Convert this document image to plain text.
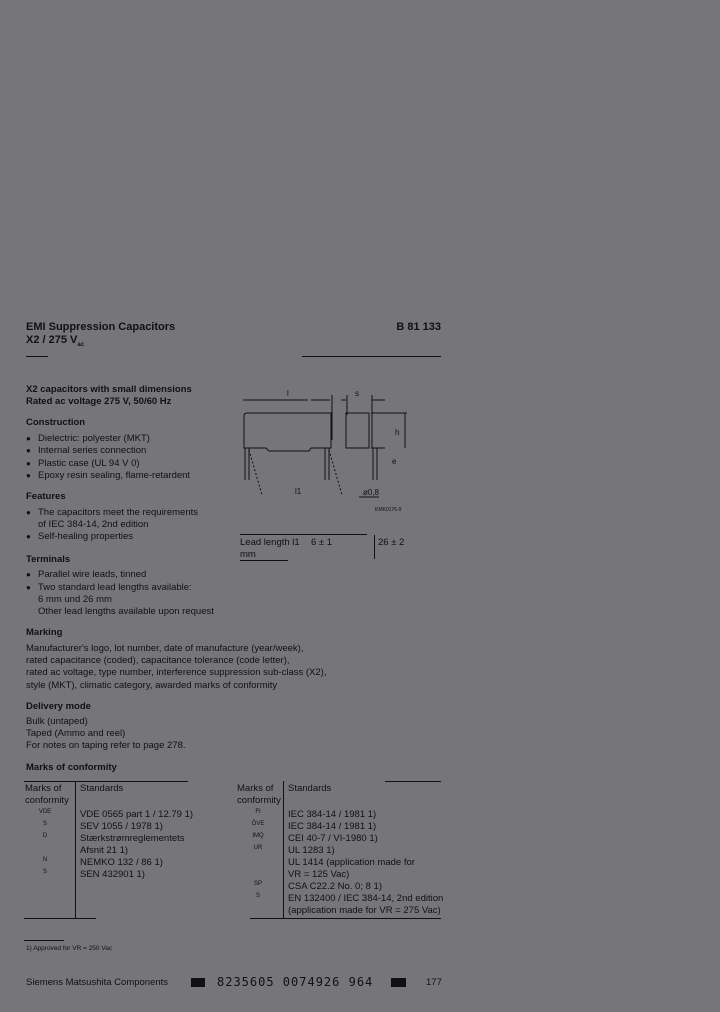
EMI Suppression Capacitors
X2 / 275 $V_{ac}$
B 81 133
X2 capacitors with small dimensions
Rated ac voltage 275 V, 50/60 Hz
Construction
● Dielectric: polyester (MKT)
● Internal series connection
● Plastic case (UL 94 V 0)
● Epoxy resin sealing, flame-retardent
Features
● The capacitors meet the requirements
of IEC 384-14, 2nd edition
● Self-healing properties
Terminals
● Parallel wire leads, tinned
● Two standard lead lengths available:
6 mm und 26 mm
Other lead lengths available upon request
Marking
Manufacturer's logo, lot number, date of manufacture (year/week),
rated capacitance (coded), capacitance tolerance (code letter),
rated ac voltage, type number, interference suppression sub-class (X2),
style (MKT), climatic category, awarded marks of conformity
Delivery mode
Bulk (untaped)
Taped (Ammo and reel)
For notes on taping refer to page 278.
l	s
h
e
l1	ø0,8
KMK0176-9
Lead length l1 6 ± 1	26 ± 2
mm
Marks of conformity
Marks of
conformity
Standards	Marks of
conformity
Standards
VDE	VDE 0565 part 1 / 12.79 1)
S	SEV 1055 / 1978 1)
D	Stærkstrømreglementets
Afsnit 21 1)
N	NEMKO 132 / 86 1)
S	SEN 432901 1)
FI	IEC 384-14 / 1981 1)
ÖVE	IEC 384-14 / 1981 1)
IMQ	CEI 40-7 / VI-1980 1)
UR	UL 1283 1)
UL 1414 (application made for
VR = 125 Vac)
SP	CSA C22.2 No. 0; 8 1)
S	EN 132400 / IEC 384-14, 2nd edition
(application made for VR = 275 Vac)
1) Approved for VR = 250 Vac
Siemens Matsushita Components	8235605 0074926 964	177
